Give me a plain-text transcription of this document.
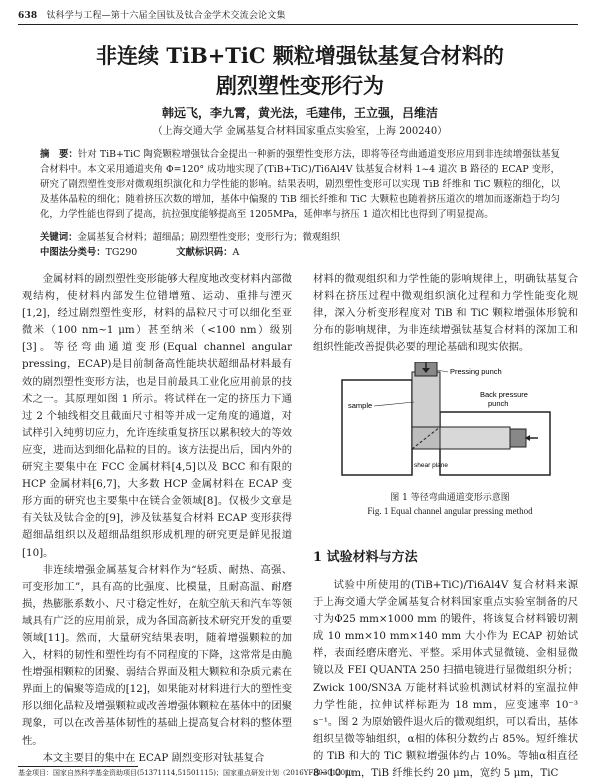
638 钛科学与工程—第十六届全国钛及钛合金学术交流会论文集
非连续 TiB+TiC 颗粒增强钛基复合材料的
剧烈塑性变形行为
韩远飞，李九霄，黄光法，毛建伟，王立强，吕维洁
（上海交通大学 金属基复合材料国家重点实验室，上海 200240）
摘　要：针对 TiB+TiC 陶瓷颗粒增强钛合金提出一种新的强塑性变形方法，即将等径弯曲通道变形应用到非连续增强钛基复合材料中。本文采用通道夹角 Φ=120° 成功地实现了(TiB+TiC)/Ti6Al4V 钛基复合材料 1~4 道次 B 路径的 ECAP 变形，研究了剧烈塑性变形对微观组织演化和力学性能的影响。结果表明，剧烈塑性变形可以实现 TiB 纤维和 TiC 颗粒的细化，以及基体晶粒的细化；随着挤压次数的增加，基体中偏聚的 TiB 细长纤维和 TiC 大颗粒也随着挤压道次的增加而逐渐趋于均匀化，力学性能也得到了提高，抗拉强度能够提高至 1205MPa，延伸率与挤压 1 道次相比也得到了明显提高。
关键词：金属基复合材料；超细晶；剧烈塑性变形；变形行为；微观组织
中图法分类号：TG290	文献标识码：A

金属材料的剧烈塑性变形能够大程度地改变材料内部微观结构，使材料内部发生位错增殖、运动、重排与湮灭[1,2]，经过剧烈塑性变形，材料的晶粒尺寸可以细化至亚微米（100 nm~1 μm）甚至纳米（<100 nm）级别[3]。等径弯曲通道变形(Equal channel angular pressing，ECAP)是目前制备高性能块状超细晶材料最有效的剧烈塑性变形方法，也是目前最具工业化应用前景的技术之一。其原理如图 1 所示。将试样在一定的挤压力下通过 2 个轴线相交且截面尺寸相等并成一定角度的通道，对试样引入纯剪切应力，允许连续重复挤压以累积较大的等效应变，进而达到细化晶粒的目的。该方法提出后，国内外的研究主要集中在 FCC 金属材料[4,5]以及 BCC 和有限的 HCP 金属材料[6,7]，大多数 HCP 金属材料在 ECAP 变形方面的研究也主要集中在镁合金领域[8]。仅极少文章是有关钛及钛合金的[9]，涉及钛基复合材料 ECAP 变形获得超细晶组织以及超细晶组织形成机理的研究更是鲜见报道[10]。

非连续增强金属基复合材料作为“轻质、耐热、高强、可变形加工”，具有高的比强度、比模量，且耐高温、耐磨损，热膨胀系数小、尺寸稳定性好，在航空航天和汽车等领域具有广泛的应用前景，成为各国高新技术研究开发的重要领域[11]。然而，大量研究结果表明，随着增强颗粒的加入，材料的韧性和塑性均有不同程度的下降，这常常是由脆性增强相颗粒的团聚、弱结合界面及粗大颗粒和杂质元素在界面上的偏聚等造成的[12]，如果能对材料进行大的塑性变形以细化晶粒及增强颗粒或改善增强体颗粒在基体中的团聚现象，可以在改善基体韧性的基础上提高复合材料的整体塑性。

本文主要目的集中在 ECAP 剧烈变形对钛基复合

材料的微观组织和力学性能的影响规律上，明确钛基复合材料在挤压过程中微观组织演化过程和力学性能变化规律，深入分析变形程度对 TiB 和 TiC 颗粒增强体形貌和分布的影响规律，为非连续增强钛基复合材料的深加工和组织性能改善提供必要的理论基础和现实依据。

Pressing punch
sample
Back pressure
punch
shear plane
图 1 等径弯曲通道变形示意图
Fig. 1 Equal channel angular pressing method
1 试验材料与方法

试验中所使用的(TiB+TiC)/Ti6Al4V 复合材料来源于上海交通大学金属基复合材料国家重点实验室制备的尺寸为Φ25 mm×1000 mm 的锻件，将该复合材料锻切割成 10 mm×10 mm×140 mm 大小作为 ECAP 初始试样，表面经磨床磨光、平整。采用体式显微镜、金相显微镜以及 FEI QUANTA 250 扫描电镜进行显微组织分析；Zwick 100/SN3A 万能材料试验机测试材料的室温拉伸力学性能，拉伸试样标距为 18 mm，应变速率 10⁻³ s⁻¹。图 2 为原始锻件退火后的微观组织，可以看出，基体组织呈微等轴组织，α相的体积分数约占 85%。短纤维状的 TiB 和大的 TiC 颗粒增强体约占 10%。等轴α相直径 8~10 μm，TiB 纤维长约 20 μm，宽约 5 μm，TiC

基金项目：国家自然科学基金资助项目(51371114,51501115)；国家重点研发计划（2016YFB0301201）
